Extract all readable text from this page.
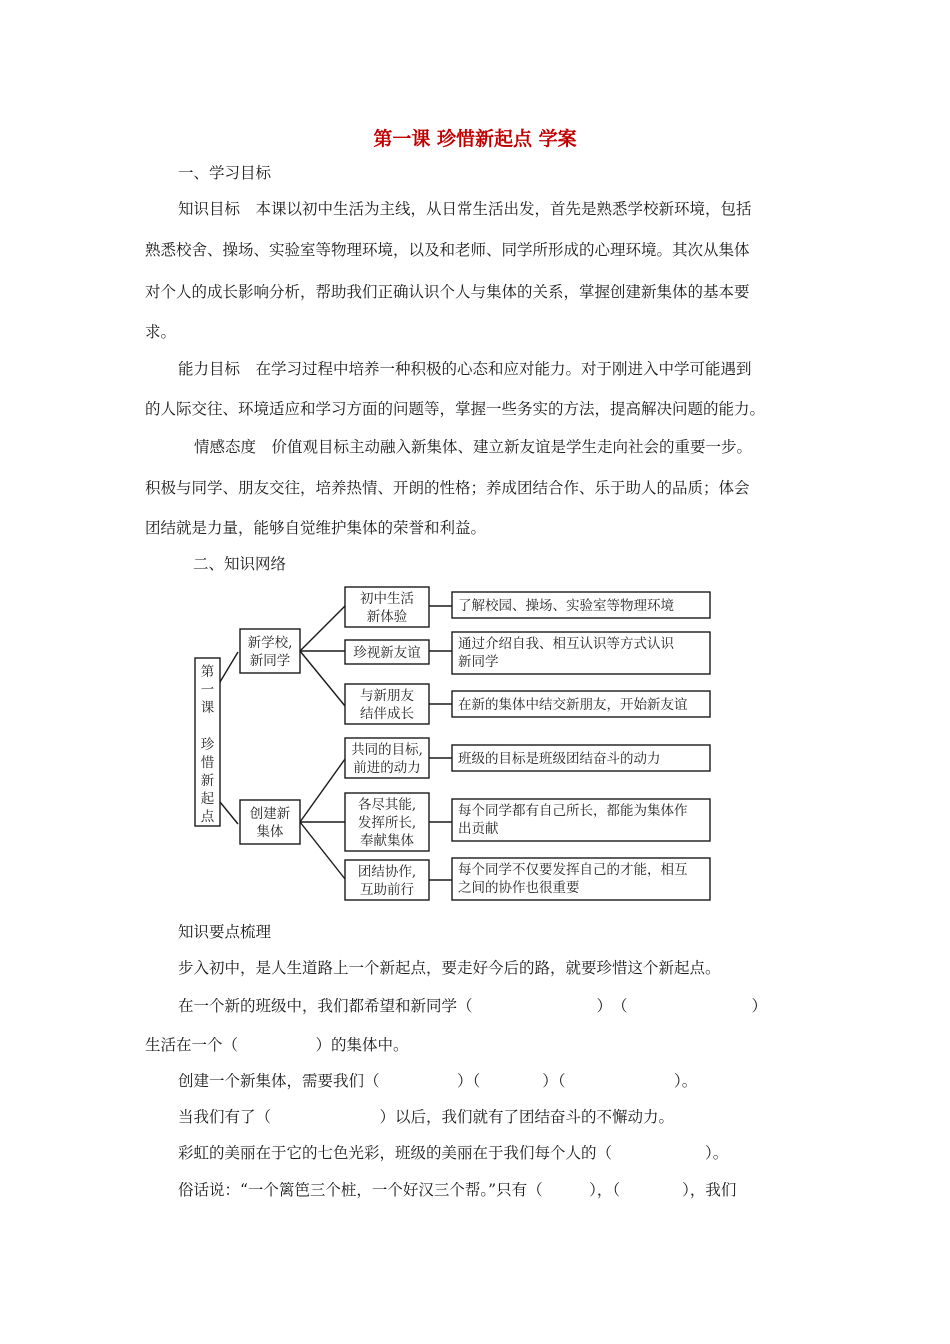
第一课 珍惜新起点 学案
一、学习目标
知识目标　本课以初中生活为主线，从日常生活出发，首先是熟悉学校新环境，包括
熟悉校舍、操场、实验室等物理环境，以及和老师、同学所形成的心理环境。其次从集体
对个人的成长影响分析，帮助我们正确认识个人与集体的关系，掌握创建新集体的基本要
求。
能力目标　在学习过程中培养一种积极的心态和应对能力。对于刚进入中学可能遇到
的人际交往、环境适应和学习方面的问题等，掌握一些务实的方法，提高解决问题的能力。
情感态度　价值观目标主动融入新集体、建立新友谊是学生走向社会的重要一步。
积极与同学、朋友交往，培养热情、开朗的性格；养成团结合作、乐于助人的品质；体会
团结就是力量，能够自觉维护集体的荣誉和利益。
二、知识网络
第
一
课
珍
惜
新
起
点
新学校,
新同学
创建新
集体
初中生活
新体验
珍视新友谊
与新朋友
结伴成长
共同的目标,
前进的动力
各尽其能,
发挥所长,
奉献集体
团结协作,
互助前行
了解校园、操场、实验室等物理环境
通过介绍自我、相互认识等方式认识
新同学
在新的集体中结交新朋友，开始新友谊
班级的目标是班级团结奋斗的动力
每个同学都有自己所长，都能为集体作
出贡献
每个同学不仅要发挥自己的才能，相互
之间的协作也很重要
知识要点梳理
步入初中，是人生道路上一个新起点，要走好今后的路，就要珍惜这个新起点。
在一个新的班级中，我们都希望和新同学（　　　　　　　　）　（　　　　　　　　）
生活在一个（　　　　　）的集体中。
创建一个新集体，需要我们（　　　　　）（　　　　）（　　　　　　　）。
当我们有了（　　　　　　　）以后，我们就有了团结奋斗的不懈动力。
彩虹的美丽在于它的七色光彩，班级的美丽在于我们每个人的（　　　　　　）。
俗话说：“一个篱笆三个桩，一个好汉三个帮。”只有（　　　），（　　　　），我们
